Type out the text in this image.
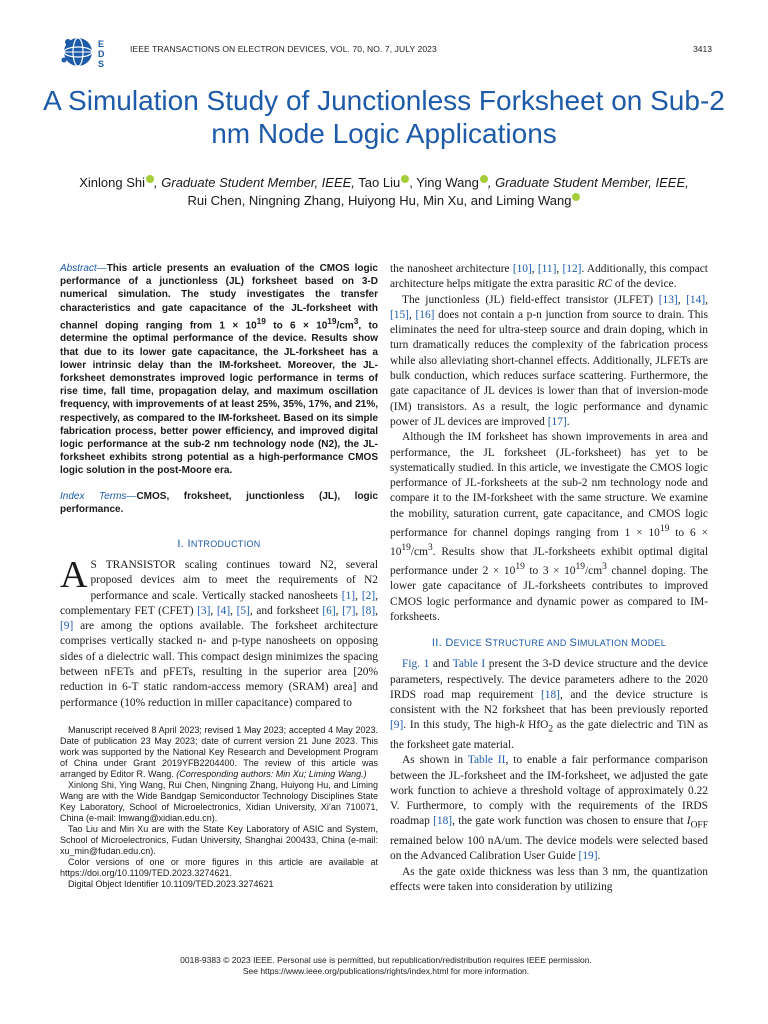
E
D
S
IEEE TRANSACTIONS ON ELECTRON DEVICES, VOL. 70, NO. 7, JULY 2023	3413
A Simulation Study of Junctionless Forksheet on Sub-2 nm Node Logic Applications
Xinlong Shi , Graduate Student Member, IEEE, Tao Liu , Ying Wang , Graduate Student Member, IEEE,
Rui Chen, Ningning Zhang, Huiyong Hu, Min Xu, and Liming Wang

Abstract—This article presents an evaluation of the CMOS logic performance of a junctionless (JL) forksheet based on 3-D numerical simulation. The study investigates the transfer characteristics and gate capacitance of the JL-forksheet with channel doping ranging from $1 \times 10^{19}$ to $6 \times 10^{19}/cm^3$, to determine the optimal performance of the device. Results show that due to its lower gate capacitance, the JL-forksheet has a lower intrinsic delay than the IM-forksheet. Moreover, the JL-forksheet demonstrates improved logic performance in terms of rise time, fall time, propagation delay, and maximum oscillation frequency, with improvements of at least 25%, 35%, 17%, and 21%, respectively, as compared to the IM-forksheet. Based on its simple fabrication process, better power efficiency, and improved digital logic performance at the sub-2 nm technology node (N2), the JL-forksheet exhibits strong potential as a high-performance CMOS logic solution in the post-Moore era.

Index Terms—CMOS, froksheet, junctionless (JL), logic performance.

I. INTRODUCTION

A S TRANSISTOR scaling continues toward N2, several proposed devices aim to meet the requirements of N2 performance and scale. Vertically stacked nanosheets [1], [2], complementary FET (CFET) [3], [4], [5], and forksheet [6], [7], [8], [9] are among the options available. The forksheet architecture comprises vertically stacked n- and p-type nanosheets on opposing sides of a dielectric wall. This compact design minimizes the spacing between nFETs and pFETs, resulting in the superior area [20% reduction in 6-T static random-access memory (SRAM) area] and performance (10% reduction in miller capacitance) compared to

Manuscript received 8 April 2023; revised 1 May 2023; accepted 4 May 2023. Date of publication 23 May 2023; date of current version 21 June 2023. This work was supported by the National Key Research and Development Program of China under Grant 2019YFB2204400. The review of this article was arranged by Editor R. Wang. (Corresponding authors: Min Xu; Liming Wang.)

Xinlong Shi, Ying Wang, Rui Chen, Ningning Zhang, Huiyong Hu, and Liming Wang are with the Wide Bandgap Semiconductor Technology Disciplines State Key Laboratory, School of Microelectronics, Xidian University, Xi’an 710071, China (e-mail: lmwang@xidian.edu.cn).

Tao Liu and Min Xu are with the State Key Laboratory of ASIC and System, School of Microelectronics, Fudan University, Shanghai 200433, China (e-mail: xu_min@fudan.edu.cn).

Color versions of one or more figures in this article are available at https://doi.org/10.1109/TED.2023.3274621.

Digital Object Identifier 10.1109/TED.2023.3274621

the nanosheet architecture [10], [11], [12]. Additionally, this compact architecture helps mitigate the extra parasitic RC of the device.

The junctionless (JL) field-effect transistor (JLFET) [13], [14], [15], [16] does not contain a p-n junction from source to drain. This eliminates the need for ultra-steep source and drain doping, which in turn dramatically reduces the complexity of the fabrication process while also alleviating short-channel effects. Additionally, JLFETs are bulk conduction, which reduces surface scattering. Furthermore, the gate capacitance of JL devices is lower than that of inversion-mode (IM) transistors. As a result, the logic performance and dynamic power of JL devices are improved [17].

Although the IM forksheet has shown improvements in area and performance, the JL forksheet (JL-forksheet) has yet to be systematically studied. In this article, we investigate the CMOS logic performance of JL-forksheets at the sub-2 nm technology node and compare it to the IM-forksheet with the same structure. We examine the mobility, saturation current, gate capacitance, and CMOS logic performance for channel dopings ranging from $1 \times 10^{19}$ to $6 \times 10^{19}/cm^3$. Results show that JL-forksheets exhibit optimal digital performance under $2 \times 10^{19}$ to $3 \times 10^{19}/cm^3$ channel doping. The lower gate capacitance of JL-forksheets contributes to improved CMOS logic performance and dynamic power as compared to IM-forksheets.

II. DEVICE STRUCTURE AND SIMULATION MODEL

Fig. 1 and Table I present the 3-D device structure and the device parameters, respectively. The device parameters adhere to the 2020 IRDS road map requirement [18], and the device structure is consistent with the N2 forksheet that has been previously reported [9]. In this study, The high-k HfO$_2$ as the gate dielectric and TiN as the forksheet gate material.

As shown in Table II, to enable a fair performance comparison between the JL-forksheet and the IM-forksheet, we adjusted the gate work function to achieve a threshold voltage of approximately 0.22 V. Furthermore, to comply with the requirements of the IRDS roadmap [18], the gate work function was chosen to ensure that $I_{OFF}$ remained below 100 nA/um. The device models were selected based on the Advanced Calibration User Guide [19].

As the gate oxide thickness was less than 3 nm, the quantization effects were taken into consideration by utilizing

0018-9383 © 2023 IEEE. Personal use is permitted, but republication/redistribution requires IEEE permission.
See https://www.ieee.org/publications/rights/index.html for more information.
